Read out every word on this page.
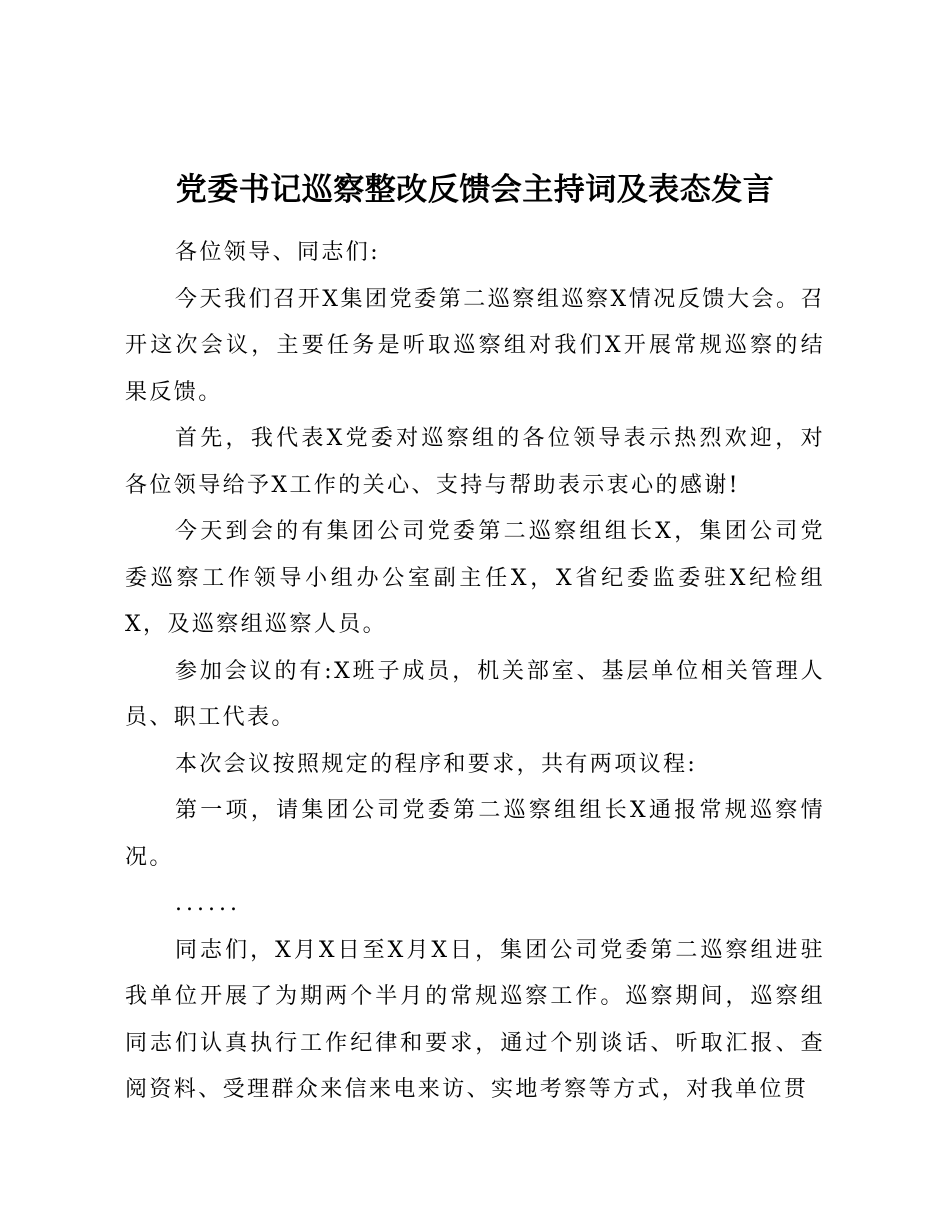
党委书记巡察整改反馈会主持词及表态发言

各位领导、同志们:

今天我们召开X集团党委第二巡察组巡察X情况反馈大会。召开这次会议，主要任务是听取巡察组对我们X开展常规巡察的结果反馈。

首先，我代表X党委对巡察组的各位领导表示热烈欢迎，对各位领导给予X工作的关心、支持与帮助表示衷心的感谢!

今天到会的有集团公司党委第二巡察组组长X，集团公司党委巡察工作领导小组办公室副主任X，X省纪委监委驻X纪检组X，及巡察组巡察人员。

参加会议的有:X班子成员，机关部室、基层单位相关管理人员、职工代表。

本次会议按照规定的程序和要求，共有两项议程:

第一项，请集团公司党委第二巡察组组长X通报常规巡察情况。

......

同志们，X月X日至X月X日，集团公司党委第二巡察组进驻我单位开展了为期两个半月的常规巡察工作。巡察期间，巡察组同志们认真执行工作纪律和要求，通过个别谈话、听取汇报、查阅资料、受理群众来信来电来访、实地考察等方式，对我单位贯
